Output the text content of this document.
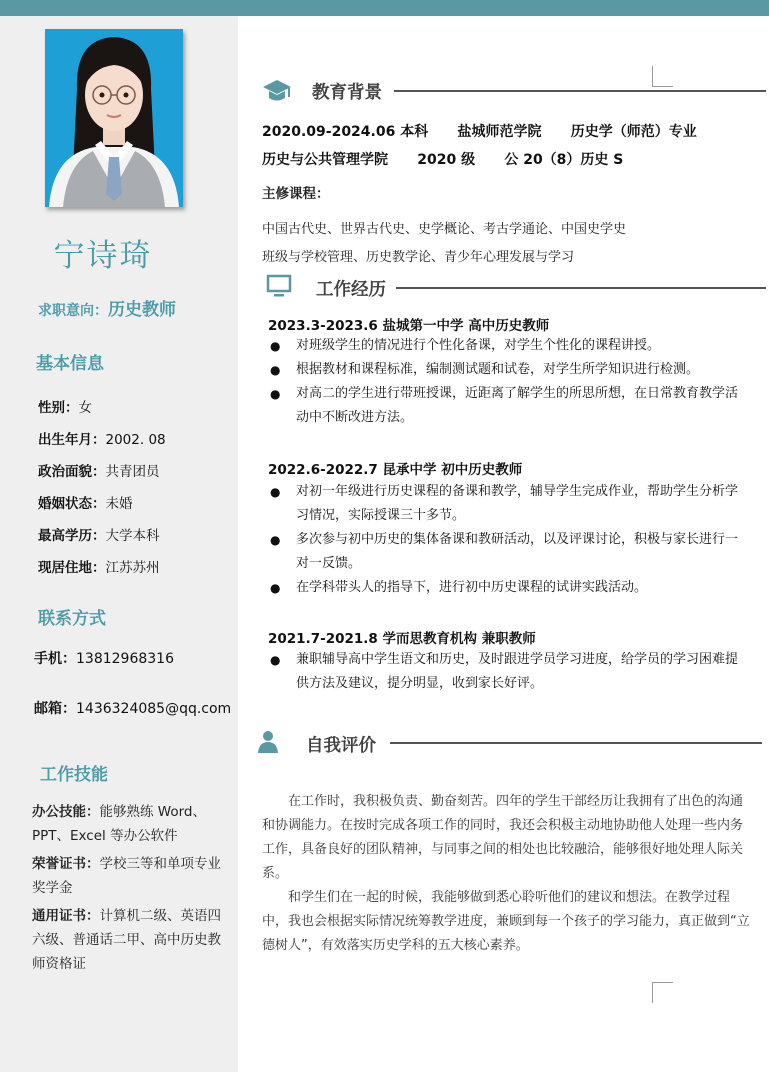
宁诗琦
求职意向：历史教师
基本信息
性别：女
出生年月：2002. 08
政治面貌：共青团员
婚姻状态：未婚
最高学历：大学本科
现居住地：江苏苏州
联系方式
手机：13812968316
邮箱：1436324085@qq.com
工作技能
办公技能：能够熟练 Word、PPT、Excel 等办公软件
荣誉证书：学校三等和单项专业奖学金
通用证书：计算机二级、英语四六级、普通话二甲、高中历史教师资格证
教育背景
2020.09-2024.06 本科      盐城师范学院      历史学（师范）专业
历史与公共管理学院      2020 级      公 20（8）历史 S
主修课程：
中国古代史、世界古代史、史学概论、考古学通论、中国史学史
班级与学校管理、历史教学论、青少年心理发展与学习
工作经历
2023.3-2023.6 盐城第一中学 高中历史教师
● 对班级学生的情况进行个性化备课，对学生个性化的课程讲授。
● 根据教材和课程标准，编制测试题和试卷，对学生所学知识进行检测。
● 对高二的学生进行带班授课，近距离了解学生的所思所想，在日常教育教学活动中不断改进方法。
2022.6-2022.7 昆承中学 初中历史教师
● 对初一年级进行历史课程的备课和教学，辅导学生完成作业，帮助学生分析学习情况，实际授课三十多节。
● 多次参与初中历史的集体备课和教研活动，以及评课讨论，积极与家长进行一对一反馈。
● 在学科带头人的指导下，进行初中历史课程的试讲实践活动。
2021.7-2021.8 学而思教育机构 兼职教师
● 兼职辅导高中学生语文和历史，及时跟进学员学习进度，给学员的学习困难提供方法及建议，提分明显，收到家长好评。
自我评价
在工作时，我积极负责、勤奋刻苦。四年的学生干部经历让我拥有了出色的沟通和协调能力。在按时完成各项工作的同时，我还会积极主动地协助他人处理一些内务工作，具备良好的团队精神，与同事之间的相处也比较融洽，能够很好地处理人际关系。
和学生们在一起的时候，我能够做到悉心聆听他们的建议和想法。在教学过程中，我也会根据实际情况统筹教学进度，兼顾到每一个孩子的学习能力，真正做到“立德树人”，有效落实历史学科的五大核心素养。
